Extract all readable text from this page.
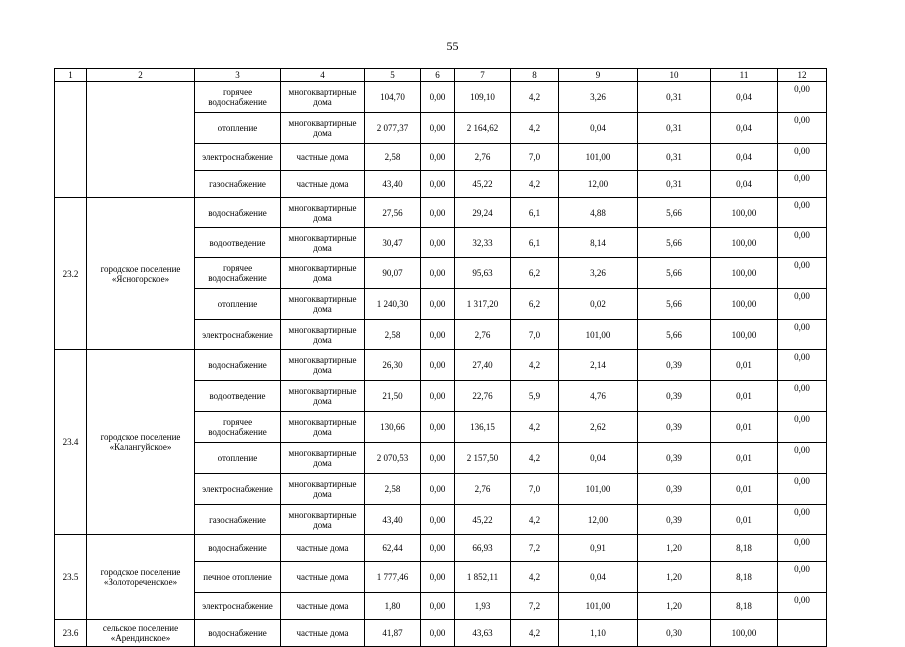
55
1	2	3	4	5	6	7	8	9	10	11	12
		горячее водоснабжение	многоквартирные дома	104,70	0,00	109,10	4,2	3,26	0,31	0,04	0,00
		отопление	многоквартирные дома	2 077,37	0,00	2 164,62	4,2	0,04	0,31	0,04	0,00
		электроснабжение	частные дома	2,58	0,00	2,76	7,0	101,00	0,31	0,04	0,00
		газоснабжение	частные дома	43,40	0,00	45,22	4,2	12,00	0,31	0,04	0,00
23.2	городское поселение «Ясногорское»	водоснабжение	многоквартирные дома	27,56	0,00	29,24	6,1	4,88	5,66	100,00	0,00
		водоотведение	многоквартирные дома	30,47	0,00	32,33	6,1	8,14	5,66	100,00	0,00
		горячее водоснабжение	многоквартирные дома	90,07	0,00	95,63	6,2	3,26	5,66	100,00	0,00
		отопление	многоквартирные дома	1 240,30	0,00	1 317,20	6,2	0,02	5,66	100,00	0,00
		электроснабжение	многоквартирные дома	2,58	0,00	2,76	7,0	101,00	5,66	100,00	0,00
23.4	городское поселение «Калангуйское»	водоснабжение	многоквартирные дома	26,30	0,00	27,40	4,2	2,14	0,39	0,01	0,00
		водоотведение	многоквартирные дома	21,50	0,00	22,76	5,9	4,76	0,39	0,01	0,00
		горячее водоснабжение	многоквартирные дома	130,66	0,00	136,15	4,2	2,62	0,39	0,01	0,00
		отопление	многоквартирные дома	2 070,53	0,00	2 157,50	4,2	0,04	0,39	0,01	0,00
		электроснабжение	многоквартирные дома	2,58	0,00	2,76	7,0	101,00	0,39	0,01	0,00
		газоснабжение	многоквартирные дома	43,40	0,00	45,22	4,2	12,00	0,39	0,01	0,00
23.5	городское поселение «Золотореченское»	водоснабжение	частные дома	62,44	0,00	66,93	7,2	0,91	1,20	8,18	0,00
		печное отопление	частные дома	1 777,46	0,00	1 852,11	4,2	0,04	1,20	8,18	0,00
		электроснабжение	частные дома	1,80	0,00	1,93	7,2	101,00	1,20	8,18	0,00
23.6	сельское поселение «Арендинское»	водоснабжение	частные дома	41,87	0,00	43,63	4,2	1,10	0,30	100,00	
